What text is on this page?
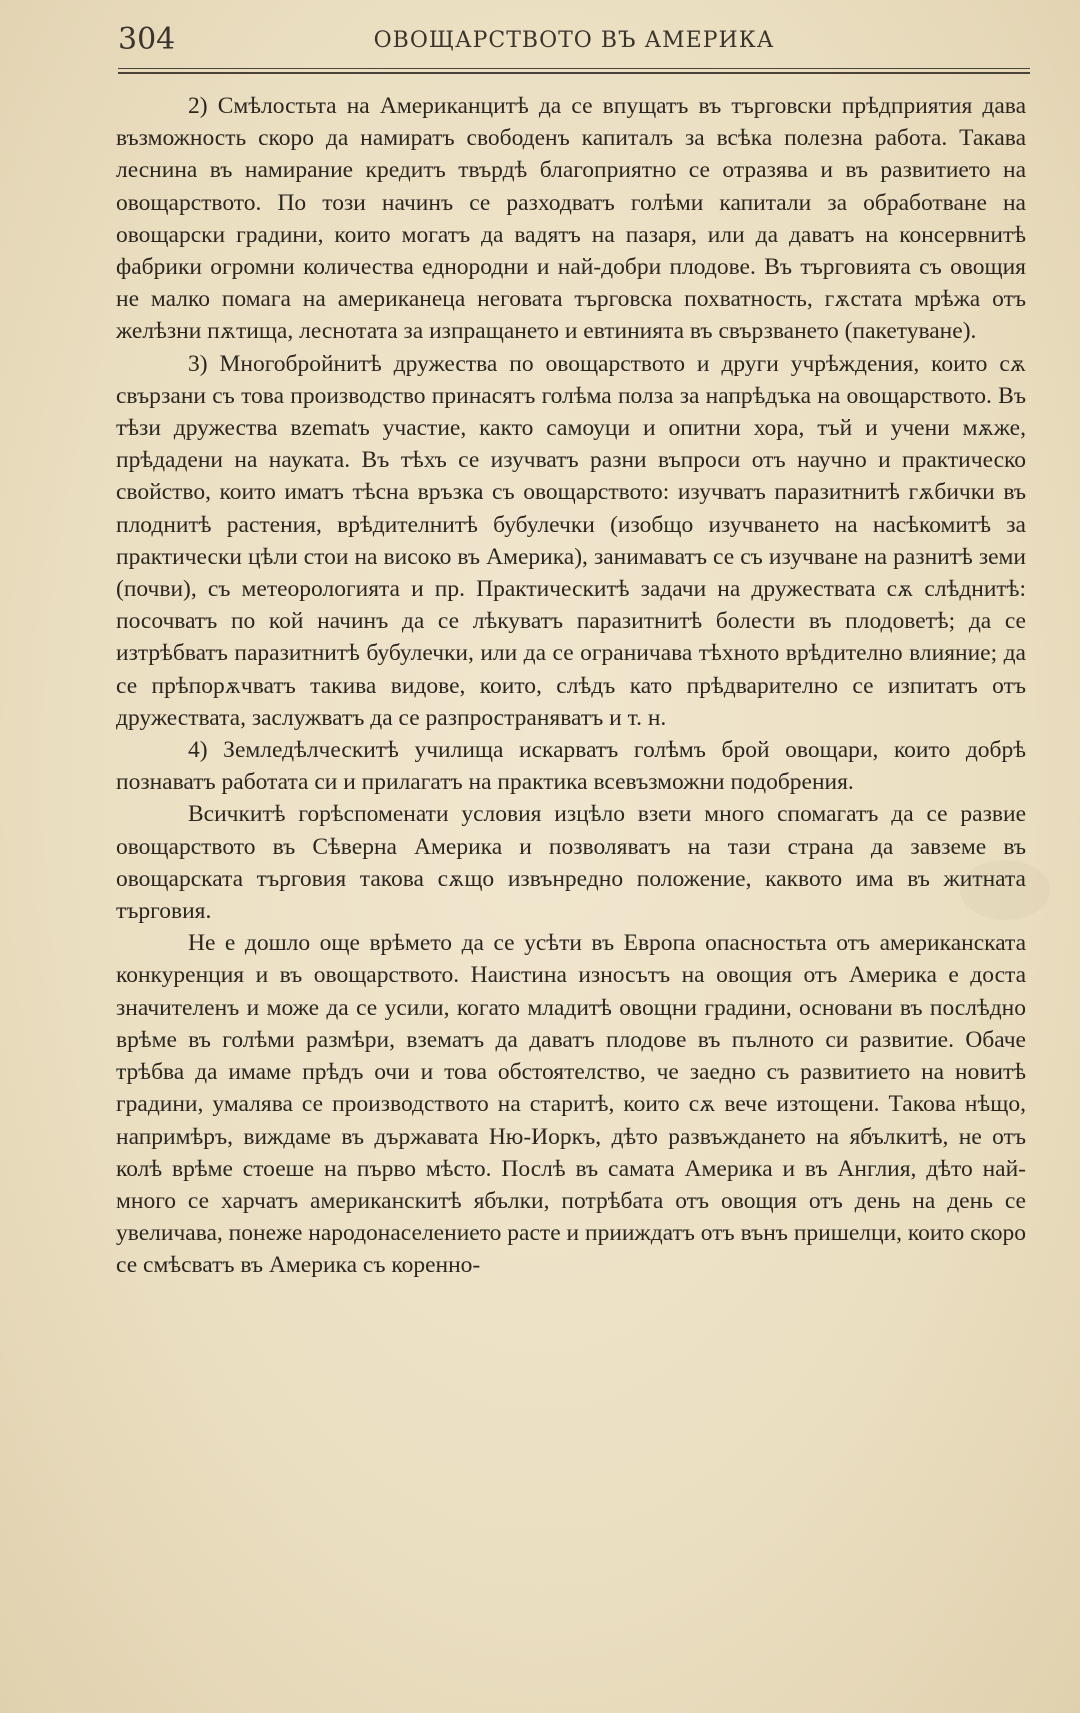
304	ОВОЩАРСТВОТО ВЪ АМЕРИКА

2) Смѣлостьта на Американцитѣ да се впущатъ въ търговски прѣдприятия дава възможность скоро да намиратъ свободенъ капиталъ за всѣка полезна работа. Такава леснина въ намирание кредитъ твърдѣ благоприятно се отразява и въ развитието на овощарството. По този начинъ се разходватъ голѣми капитали за обработване на овощарски градини, които могатъ да вадятъ на пазаря, или да даватъ на консервнитѣ фабрики огромни количества еднородни и най-добри плодове. Въ търговията съ овощия не малко помага на американеца неговата търговска похватность, гѫстата мрѣжа отъ желѣзни пѫтища, леснотата за изпращането и евтинията въ свързването (пакетуване).

3) Многобройнитѣ дружества по овощарството и други учрѣждения, които сѫ свързани съ това производство принасятъ голѣма полза за напрѣдъка на овощарството. Въ тѣзи дружества вzematъ участие, както самоуци и опитни хора, тъй и учени мѫже, прѣдадени на науката. Въ тѣхъ се изучватъ разни въпроси отъ научно и практическо свойство, които иматъ тѣсна връзка съ овощарството: изучватъ паразитнитѣ гѫбички въ плоднитѣ растения, врѣдителнитѣ бубулечки (изобщо изучването на насѣкомитѣ за практически цѣли стои на високо въ Америка), занимаватъ се съ изучване на разнитѣ земи (почви), съ метеорологията и пр. Практическитѣ задачи на дружествата сѫ слѣднитѣ: посочватъ по кой начинъ да се лѣкуватъ паразитнитѣ болести въ плодоветѣ; да се изтрѣбватъ паразитнитѣ бубулечки, или да се ограничава тѣхното врѣдително влияние; да се прѣпорѫчватъ такива видове, които, слѣдъ като прѣдварително се изпитатъ отъ дружествата, заслужватъ да се разпространяватъ и т. н.

4) Земледѣлческитѣ училища искарватъ голѣмъ брой овощари, които добрѣ познаватъ работата си и прилагатъ на практика всевъзможни подобрения.

Всичкитѣ горѣспоменати условия изцѣло взети много спомагатъ да се развие овощарството въ Сѣверна Америка и позволяватъ на тази страна да завземе въ овощарската търговия такова сѫщо извънредно положение, каквото има въ житната търговия.

Не е дошло още врѣмето да се усѣти въ Европа опасностьта отъ американската конкуренция и въ овощарството. Наистина износътъ на овощия отъ Америка е доста значителенъ и може да се усили, когато младитѣ овощни градини, основани въ послѣдно врѣме въ голѣми размѣри, взематъ да даватъ плодове въ пълното си развитие. Обаче трѣбва да имаме прѣдъ очи и това обстоятелство, че заедно съ развитието на новитѣ градини, умалява се производството на старитѣ, които сѫ вече изтощени. Такова нѣщо, напримѣръ, виждаме въ държавата Ню-Иоркъ, дѣто развъждането на ябълкитѣ, не отъ колѣ врѣме стоеше на първо мѣсто. Послѣ въ самата Америка и въ Англия, дѣто най-много се харчатъ американскитѣ ябълки, потрѣбата отъ овощия отъ день на день се увеличава, понеже народонаселението расте и прииждатъ отъ вънъ пришелци, които скоро се смѣсватъ въ Америка съ коренно-
